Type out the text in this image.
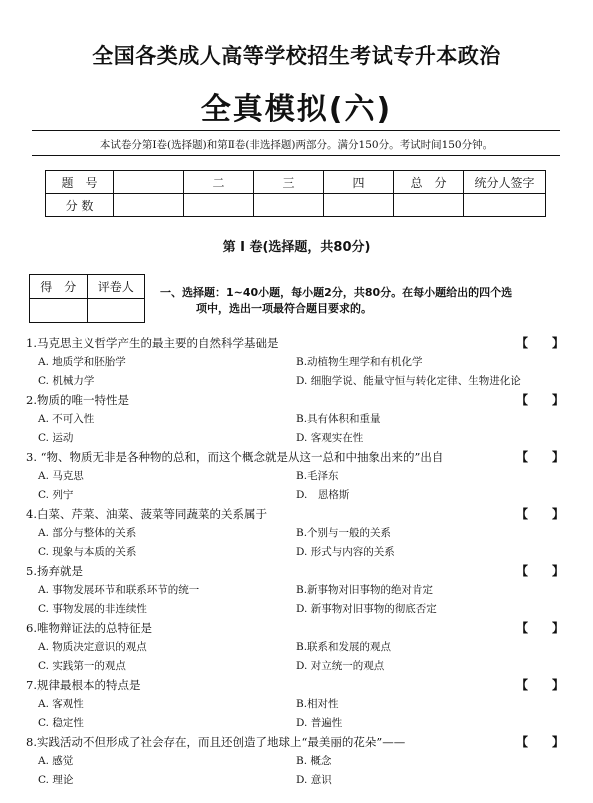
全国各类成人高等学校招生考试专升本政治
全真模拟(六)
本试卷分第Ⅰ卷(选择题)和第Ⅱ卷(非选择题)两部分。满分150分。考试时间150分钟。
题　号		二	三	四	总　分	统分人签字
分 数						
第 Ⅰ 卷(选择题，共80分)
得　分	评卷人
	一、选择题：1~40小题，每小题2分，共80分。在每小题给出的四个选
项中，选出一项最符合题目要求的。
1.马克思主义哲学产生的最主要的自然科学基础是	【　　】
A. 地质学和胚胎学	B.动植物生理学和有机化学
C. 机械力学	D. 细胞学说、能量守恒与转化定律、生物进化论
2.物质的唯一特性是	【　　】
A. 不可入性	B.具有体积和重量
C. 运动	D. 客观实在性
3. “物、物质无非是各种物的总和，而这个概念就是从这一总和中抽象出来的”出自	【　　】
A. 马克思	B.毛泽东
C. 列宁	D.　恩格斯
4.白菜、芹菜、油菜、菠菜等同蔬菜的关系属于	【　　】
A. 部分与整体的关系	B.个别与一般的关系
C. 现象与本质的关系	D. 形式与内容的关系
5.扬弃就是	【　　】
A. 事物发展环节和联系环节的统一	B.新事物对旧事物的绝对肯定
C. 事物发展的非连续性	D. 新事物对旧事物的彻底否定
6.唯物辩证法的总特征是	【　　】
A. 物质决定意识的观点	B.联系和发展的观点
C. 实践第一的观点	D. 对立统一的观点
7.规律最根本的特点是	【　　】
A. 客观性	B.相对性
C. 稳定性	D. 普遍性
8.实践活动不但形成了社会存在，而且还创造了地球上“最美丽的花朵”——	【　　】
A. 感觉	B. 概念
C. 理论	D. 意识
